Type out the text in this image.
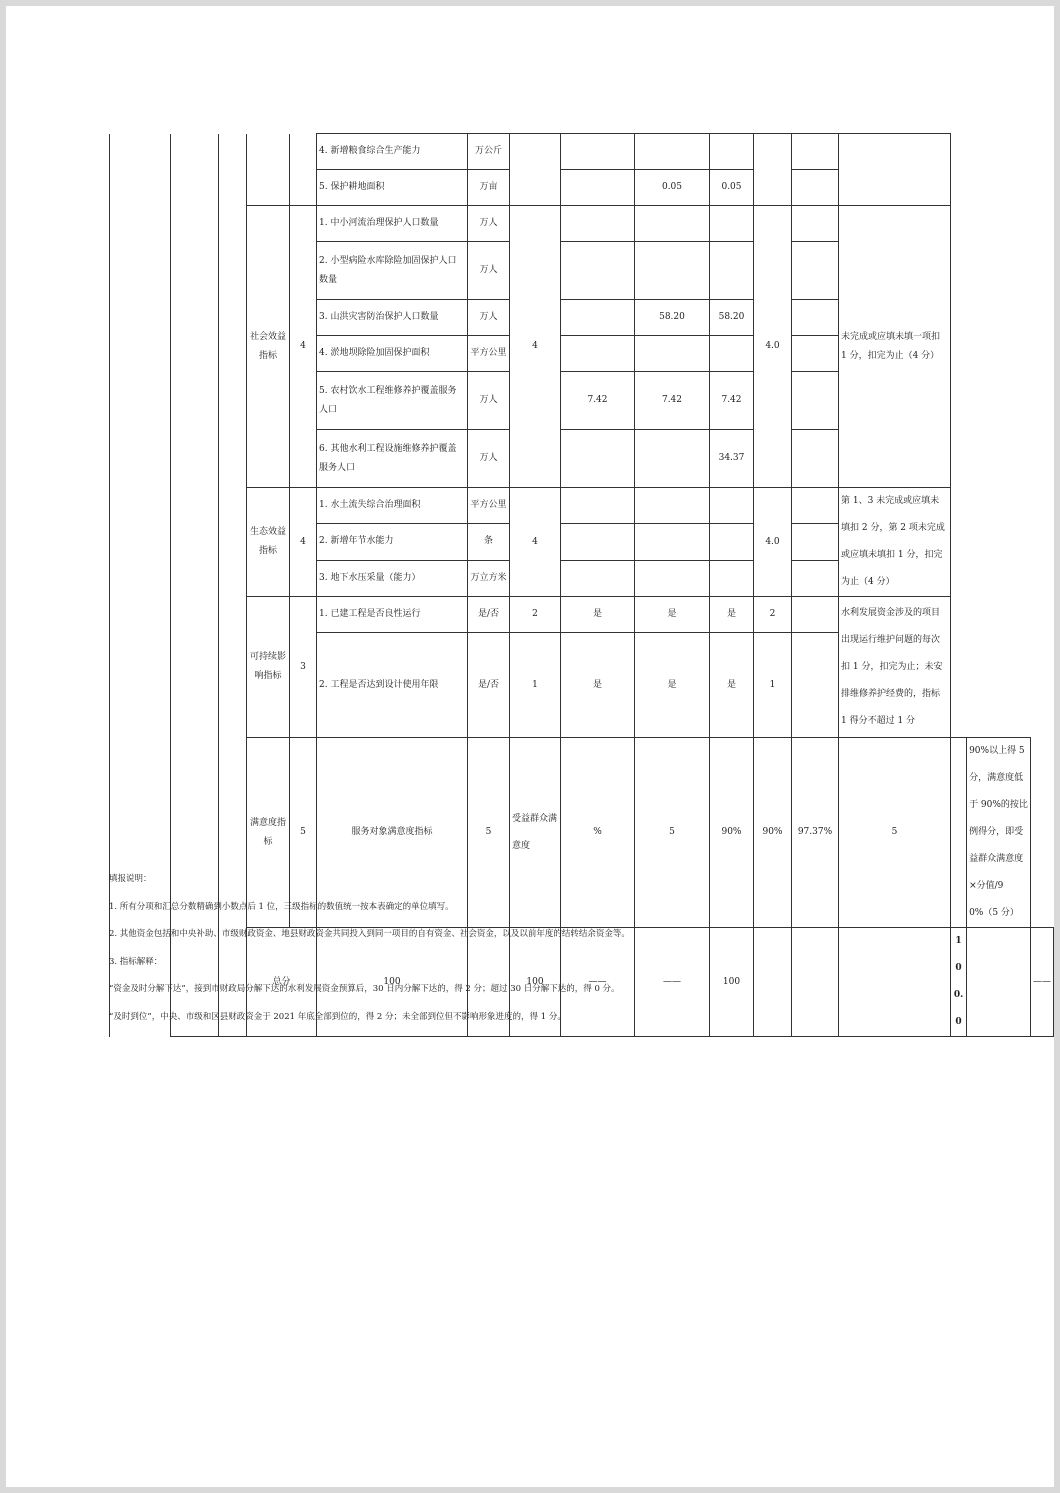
					4. 新增粮食综合生产能力	万公斤										
					5. 保护耕地面积	万亩			0.05	0.05						
			社会效益指标	4	1. 中小河流治理保护人口数量	万人	4				4.0		未完成或应填未填一项扣 1 分，扣完为止（4 分）			
					2. 小型病险水库除险加固保护人口数量	万人										
					3. 山洪灾害防治保护人口数量	万人			58.20	58.20						
					4. 淤地坝除险加固保护面积	平方公里										
					5. 农村饮水工程维修养护覆盖服务人口	万人		7.42	7.42	7.42						
					6. 其他水利工程设施维修养护覆盖服务人口	万人				34.37						
			生态效益指标	4	1. 水土流失综合治理面积	平方公里	4				4.0		第 1、3 未完成或应填未填扣 2 分，第 2 项未完成或应填未填扣 1 分，扣完为止（4 分）			
					2. 新增年节水能力	条										
					3. 地下水压采量（能力）	万立方米										
			可持续影响指标	3	1. 已建工程是否良性运行	是/否	2	是	是	是	2		水利发展资金涉及的项目出现运行维护问题的每次扣 1 分，扣完为止；未安排维修养护经费的，指标 1 得分不超过 1 分			
					2. 工程是否达到设计使用年限	是/否	1	是	是	是	1					
			满意度指标	5	服务对象满意度指标	5	受益群众满意度	%	5	90%	90%	97.37%	5		90%以上得 5 分，满意度低于 90%的按比例得分，即受益群众满意度×分值/90%（5 分）	
			总分		100		100	——	——	100				100.0		——

填报说明：

1. 所有分项和汇总分数精确到小数点后 1 位，三级指标的数值统一按本表确定的单位填写。

2. 其他资金包括和中央补助、市级财政资金、地县财政资金共同投入到同一项目的自有资金、社会资金，以及以前年度的结转结余资金等。

3. 指标解释：

“资金及时分解下达”，接到市财政局分解下达的水利发展资金预算后，30 日内分解下达的，得 2 分；超过 30 日分解下达的，得 0 分。

“及时到位”，中央、市级和区县财政资金于 2021 年底全部到位的，得 2 分；未全部到位但不影响形象进度的，得 1 分。
